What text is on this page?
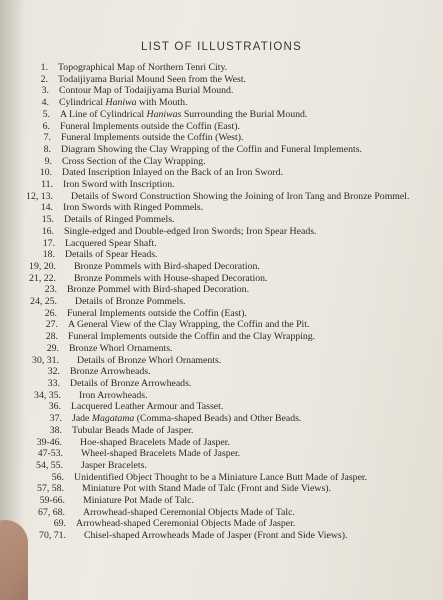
LIST OF ILLUSTRATIONS
1. Topographical Map of Northern Tenri City.
2. Todaijiyama Burial Mound Seen from the West.
3. Contour Map of Todaijiyama Burial Mound.
4. Cylindrical Haniwa with Mouth.
5. A Line of Cylindrical Haniwas Surrounding the Burial Mound.
6. Funeral Implements outside the Coffin (East).
7. Funeral Implements outside the Coffin (West).
8. Diagram Showing the Clay Wrapping of the Coffin and Funeral Implements.
9. Cross Section of the Clay Wrapping.
10. Dated Inscription Inlayed on the Back of an Iron Sword.
11. Iron Sword with Inscription.
12, 13. Details of Sword Construction Showing the Joining of Iron Tang and Bronze Pommel.
14. Iron Swords with Ringed Pommels.
15. Details of Ringed Pommels.
16. Single-edged and Double-edged Iron Swords; Iron Spear Heads.
17. Lacquered Spear Shaft.
18. Details of Spear Heads.
19, 20. Bronze Pommels with Bird-shaped Decoration.
21, 22. Bronze Pommels with House-shaped Decoration.
23. Bronze Pommel with Bird-shaped Decoration.
24, 25. Details of Bronze Pommels.
26. Funeral Implements outside the Coffin (East).
27. A General View of the Clay Wrapping, the Coffin and the Pit.
28. Funeral Implements outside the Coffin and the Clay Wrapping.
29. Bronze Whorl Ornaments.
30, 31. Details of Bronze Whorl Ornaments.
32. Bronze Arrowheads.
33. Details of Bronze Arrowheads.
34, 35. Iron Arrowheads.
36. Lacquered Leather Armour and Tasset.
37. Jade Magatama (Comma-shaped Beads) and Other Beads.
38. Tubular Beads Made of Jasper.
39-46. Hoe-shaped Bracelets Made of Jasper.
47-53. Wheel-shaped Bracelets Made of Jasper.
54, 55. Jasper Bracelets.
56. Unidentified Object Thought to be a Miniature Lance Butt Made of Jasper.
57, 58. Miniature Pot with Stand Made of Talc (Front and Side Views).
59-66. Miniature Pot Made of Talc.
67, 68. Arrowhead-shaped Ceremonial Objects Made of Talc.
69. Arrowhead-shaped Ceremonial Objects Made of Jasper.
70, 71. Chisel-shaped Arrowheads Made of Jasper (Front and Side Views).
